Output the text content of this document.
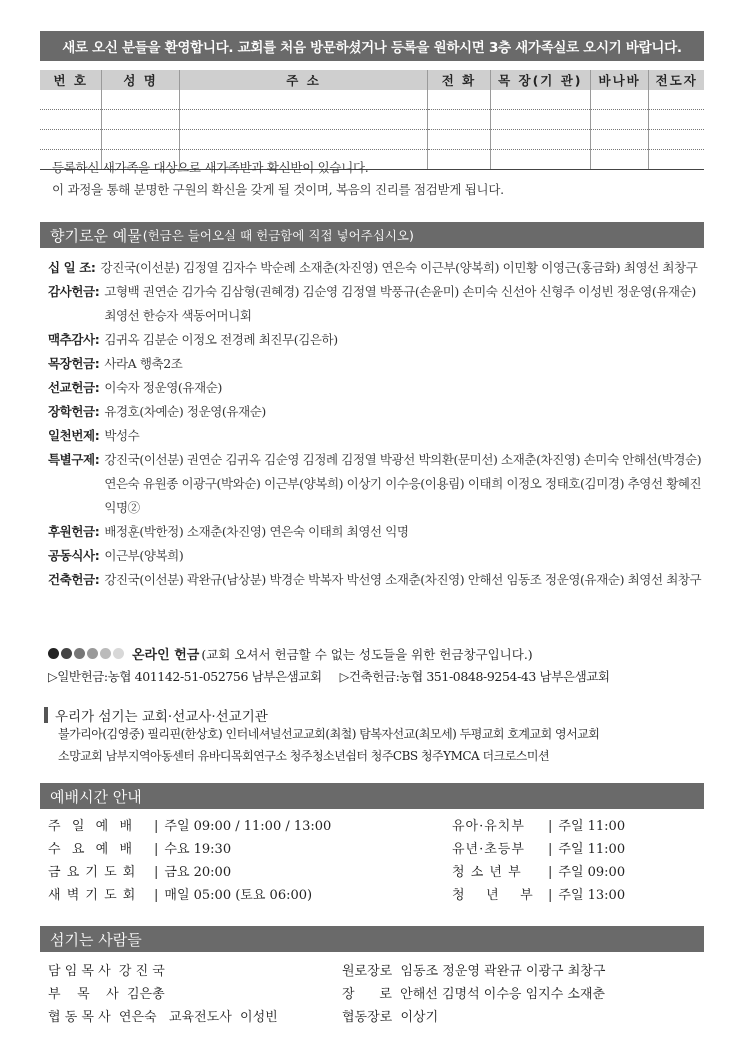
새로 오신 분들을 환영합니다. 교회를 처음 방문하셨거나 등록을 원하시면 3층 새가족실로 오시기 바랍니다.
번 호	성 명	주 소	전 화	목 장(기 관)	바나바	전도자

등록하신 새가족을 대상으로 새가족반과 확신반이 있습니다.
이 과정을 통해 분명한 구원의 확신을 갖게 될 것이며, 복음의 진리를 점검받게 됩니다.
향기로운 예물 (헌금은 들어오실 때 헌금함에 직접 넣어주십시오)
십 일 조: 강진국(이선분) 김정열 김자수 박순례 소재춘(차진영) 연은숙 이근부(양복희) 이민황 이영근(홍금화) 최영선 최창구
감사헌금: 고형백 권연순 김가숙 김삼형(권혜경) 김순영 김정열 박풍규(손윤미) 손미숙 신선아 신형주 이성빈 정운영(유재순) 최영선 한승자 색동어머니회
맥추감사: 김귀옥 김분순 이정오 전경례 최진무(김은하)
목장헌금: 사라A 행축2조
선교헌금: 이숙자 정운영(유재순)
장학헌금: 유경호(차예순) 정운영(유재순)
일천번제: 박성수
특별구제: 강진국(이선분) 권연순 김귀옥 김순영 김정례 김정열 박광선 박의환(문미선) 소재춘(차진영) 손미숙 안해선(박경순) 연은숙 유원종 이광구(박와순) 이근부(양복희) 이상기 이수응(이용림) 이태희 이정오 정태호(김미경) 추영선 황혜진 익명②
후원헌금: 배정훈(박한정) 소재춘(차진영) 연은숙 이태희 최영선 익명
공동식사: 이근부(양복희)
건축헌금: 강진국(이선분) 곽완규(남상분) 박경순 박복자 박선영 소재춘(차진영) 안해선 임동조 정운영(유재순) 최영선 최창구
온라인 헌금 (교회 오셔서 헌금할 수 없는 성도들을 위한 헌금창구입니다.)
▷일반헌금:농협 401142-51-052756 남부은샘교회 ▷건축헌금:농협 351-0848-9254-43 남부은샘교회
우리가 섬기는 교회·선교사·선교기관
불가리아(김영중) 필리핀(한상호) 인터네셔널선교교회(최철) 탐복자선교(최모세) 두평교회 호계교회 영서교회
소망교회 남부지역아동센터 유바디목회연구소 청주청소년쉼터 청주CBS 청주YMCA 더크로스미션
예배시간 안내
주  일  예  배	| 주일 09:00 / 11:00 / 13:00
수  요  예  배	| 수요 19:30
금 요 기 도 회	| 금요 20:00
새 벽 기 도 회	| 매일 05:00 (토요 06:00)
유아·유치부	| 주일 11:00
유년·초등부	| 주일 11:00
청 소 년 부	| 주일 09:00
청    년    부	| 주일 13:00
섬기는 사람들
담 임 목 사  강 진 국
부    목    사  김은총
협 동 목 사  연은숙   교육전도사  이성빈
원로장로  임동조 정운영 곽완규 이광구 최창구
장      로  안해선 김명석 이수응 임지수 소재춘
협동장로  이상기
